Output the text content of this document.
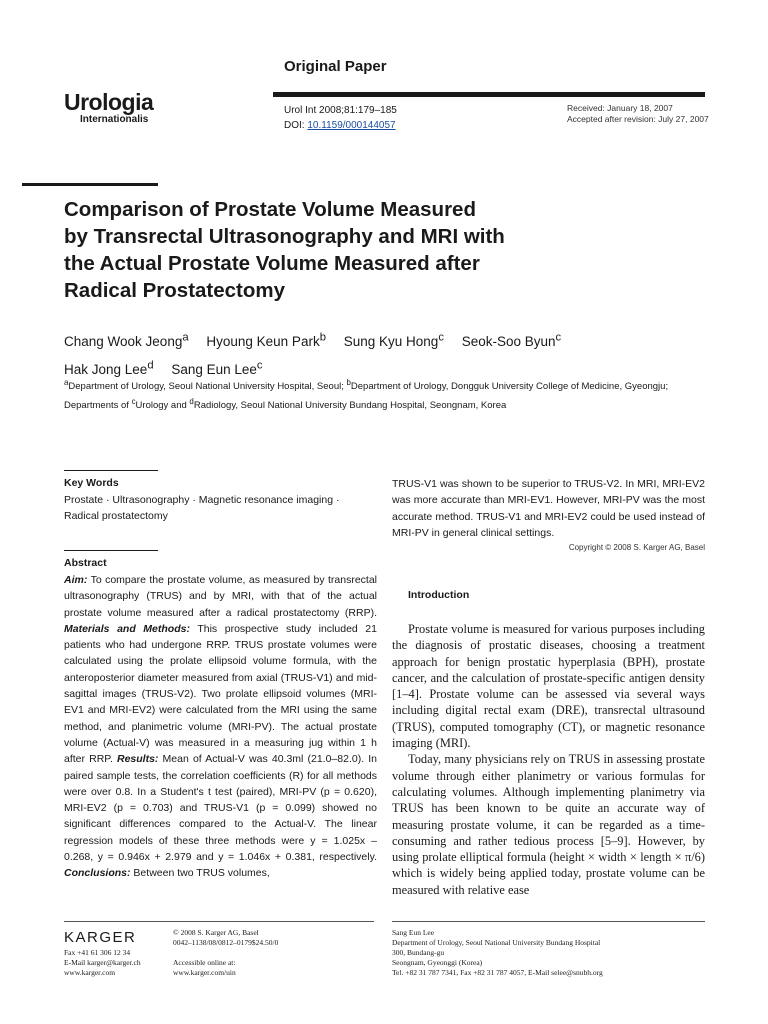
Urologia
Internationalis
Original Paper
Urol Int 2008;81:179–185
DOI: 10.1159/000144057
Received: January 18, 2007
Accepted after revision: July 27, 2007
Comparison of Prostate Volume Measured
by Transrectal Ultrasonography and MRI with
the Actual Prostate Volume Measured after
Radical Prostatectomy
Chang Wook Jeong$^a$ Hyoung Keun Park$^b$ Sung Kyu Hong$^c$ Seok-Soo Byun$^c$
Hak Jong Lee$^d$ Sang Eun Lee$^c$
$^a$Department of Urology, Seoul National University Hospital, Seoul; $^b$Department of Urology, Dongguk University College of Medicine, Gyeongju; Departments of $^c$Urology and $^d$Radiology, Seoul National University Bundang Hospital, Seongnam, Korea
Key Words
Prostate · Ultrasonography · Magnetic resonance imaging ·
Radical prostatectomy
Abstract

Aim: To compare the prostate volume, as measured by transrectal ultrasonography (TRUS) and by MRI, with that of the actual prostate volume measured after a radical prostatectomy (RRP). Materials and Methods: This prospective study included 21 patients who had undergone RRP. TRUS prostate volumes were calculated using the prolate ellipsoid volume formula, with the anteroposterior diameter measured from axial (TRUS-V1) and mid-sagittal images (TRUS-V2). Two prolate ellipsoid volumes (MRI-EV1 and MRI-EV2) were calculated from the MRI using the same method, and planimetric volume (MRI-PV). The actual prostate volume (Actual-V) was measured in a measuring jug within 1 h after RRP. Results: Mean of Actual-V was 40.3ml (21.0–82.0). In paired sample tests, the correlation coefficients (R) for all methods were over 0.8. In a Student's t test (paired), MRI-PV (p = 0.620), MRI-EV2 (p = 0.703) and TRUS-V1 (p = 0.099) showed no significant differences compared to the Actual-V. The linear regression models of these three methods were y = 1.025x – 0.268, y = 0.946x + 2.979 and y = 1.046x + 0.381, respectively. Conclusions: Between two TRUS volumes,

TRUS-V1 was shown to be superior to TRUS-V2. In MRI, MRI-EV2 was more accurate than MRI-EV1. However, MRI-PV was the most accurate method. TRUS-V1 and MRI-EV2 could be used instead of MRI-PV in general clinical settings.

Copyright © 2008 S. Karger AG, Basel
Introduction

Prostate volume is measured for various purposes including the diagnosis of prostatic diseases, choosing a treatment approach for benign prostatic hyperplasia (BPH), prostate cancer, and the calculation of prostate-specific antigen density [1–4]. Prostate volume can be assessed via several ways including digital rectal exam (DRE), transrectal ultrasound (TRUS), computed tomography (CT), or magnetic resonance imaging (MRI).

Today, many physicians rely on TRUS in assessing prostate volume through either planimetry or various formulas for calculating volumes. Although implementing planimetry via TRUS has been known to be quite an accurate way of measuring prostate volume, it can be regarded as a time-consuming and rather tedious process [5–9]. However, by using prolate elliptical formula (height × width × length × π/6) which is widely being applied today, prostate volume can be measured with relative ease

KARGER
Fax +41 61 306 12 34
E-Mail karger@karger.ch
www.karger.com
© 2008 S. Karger AG, Basel
0042–1138/08/0812–0179$24.50/0
Accessible online at:
www.karger.com/uin
Sang Eun Lee
Department of Urology, Seoul National University Bundang Hospital
300, Bundang-gu
Seongnam, Gyeonggi (Korea)
Tel. +82 31 787 7341, Fax +82 31 787 4057, E-Mail selee@snubh.org
